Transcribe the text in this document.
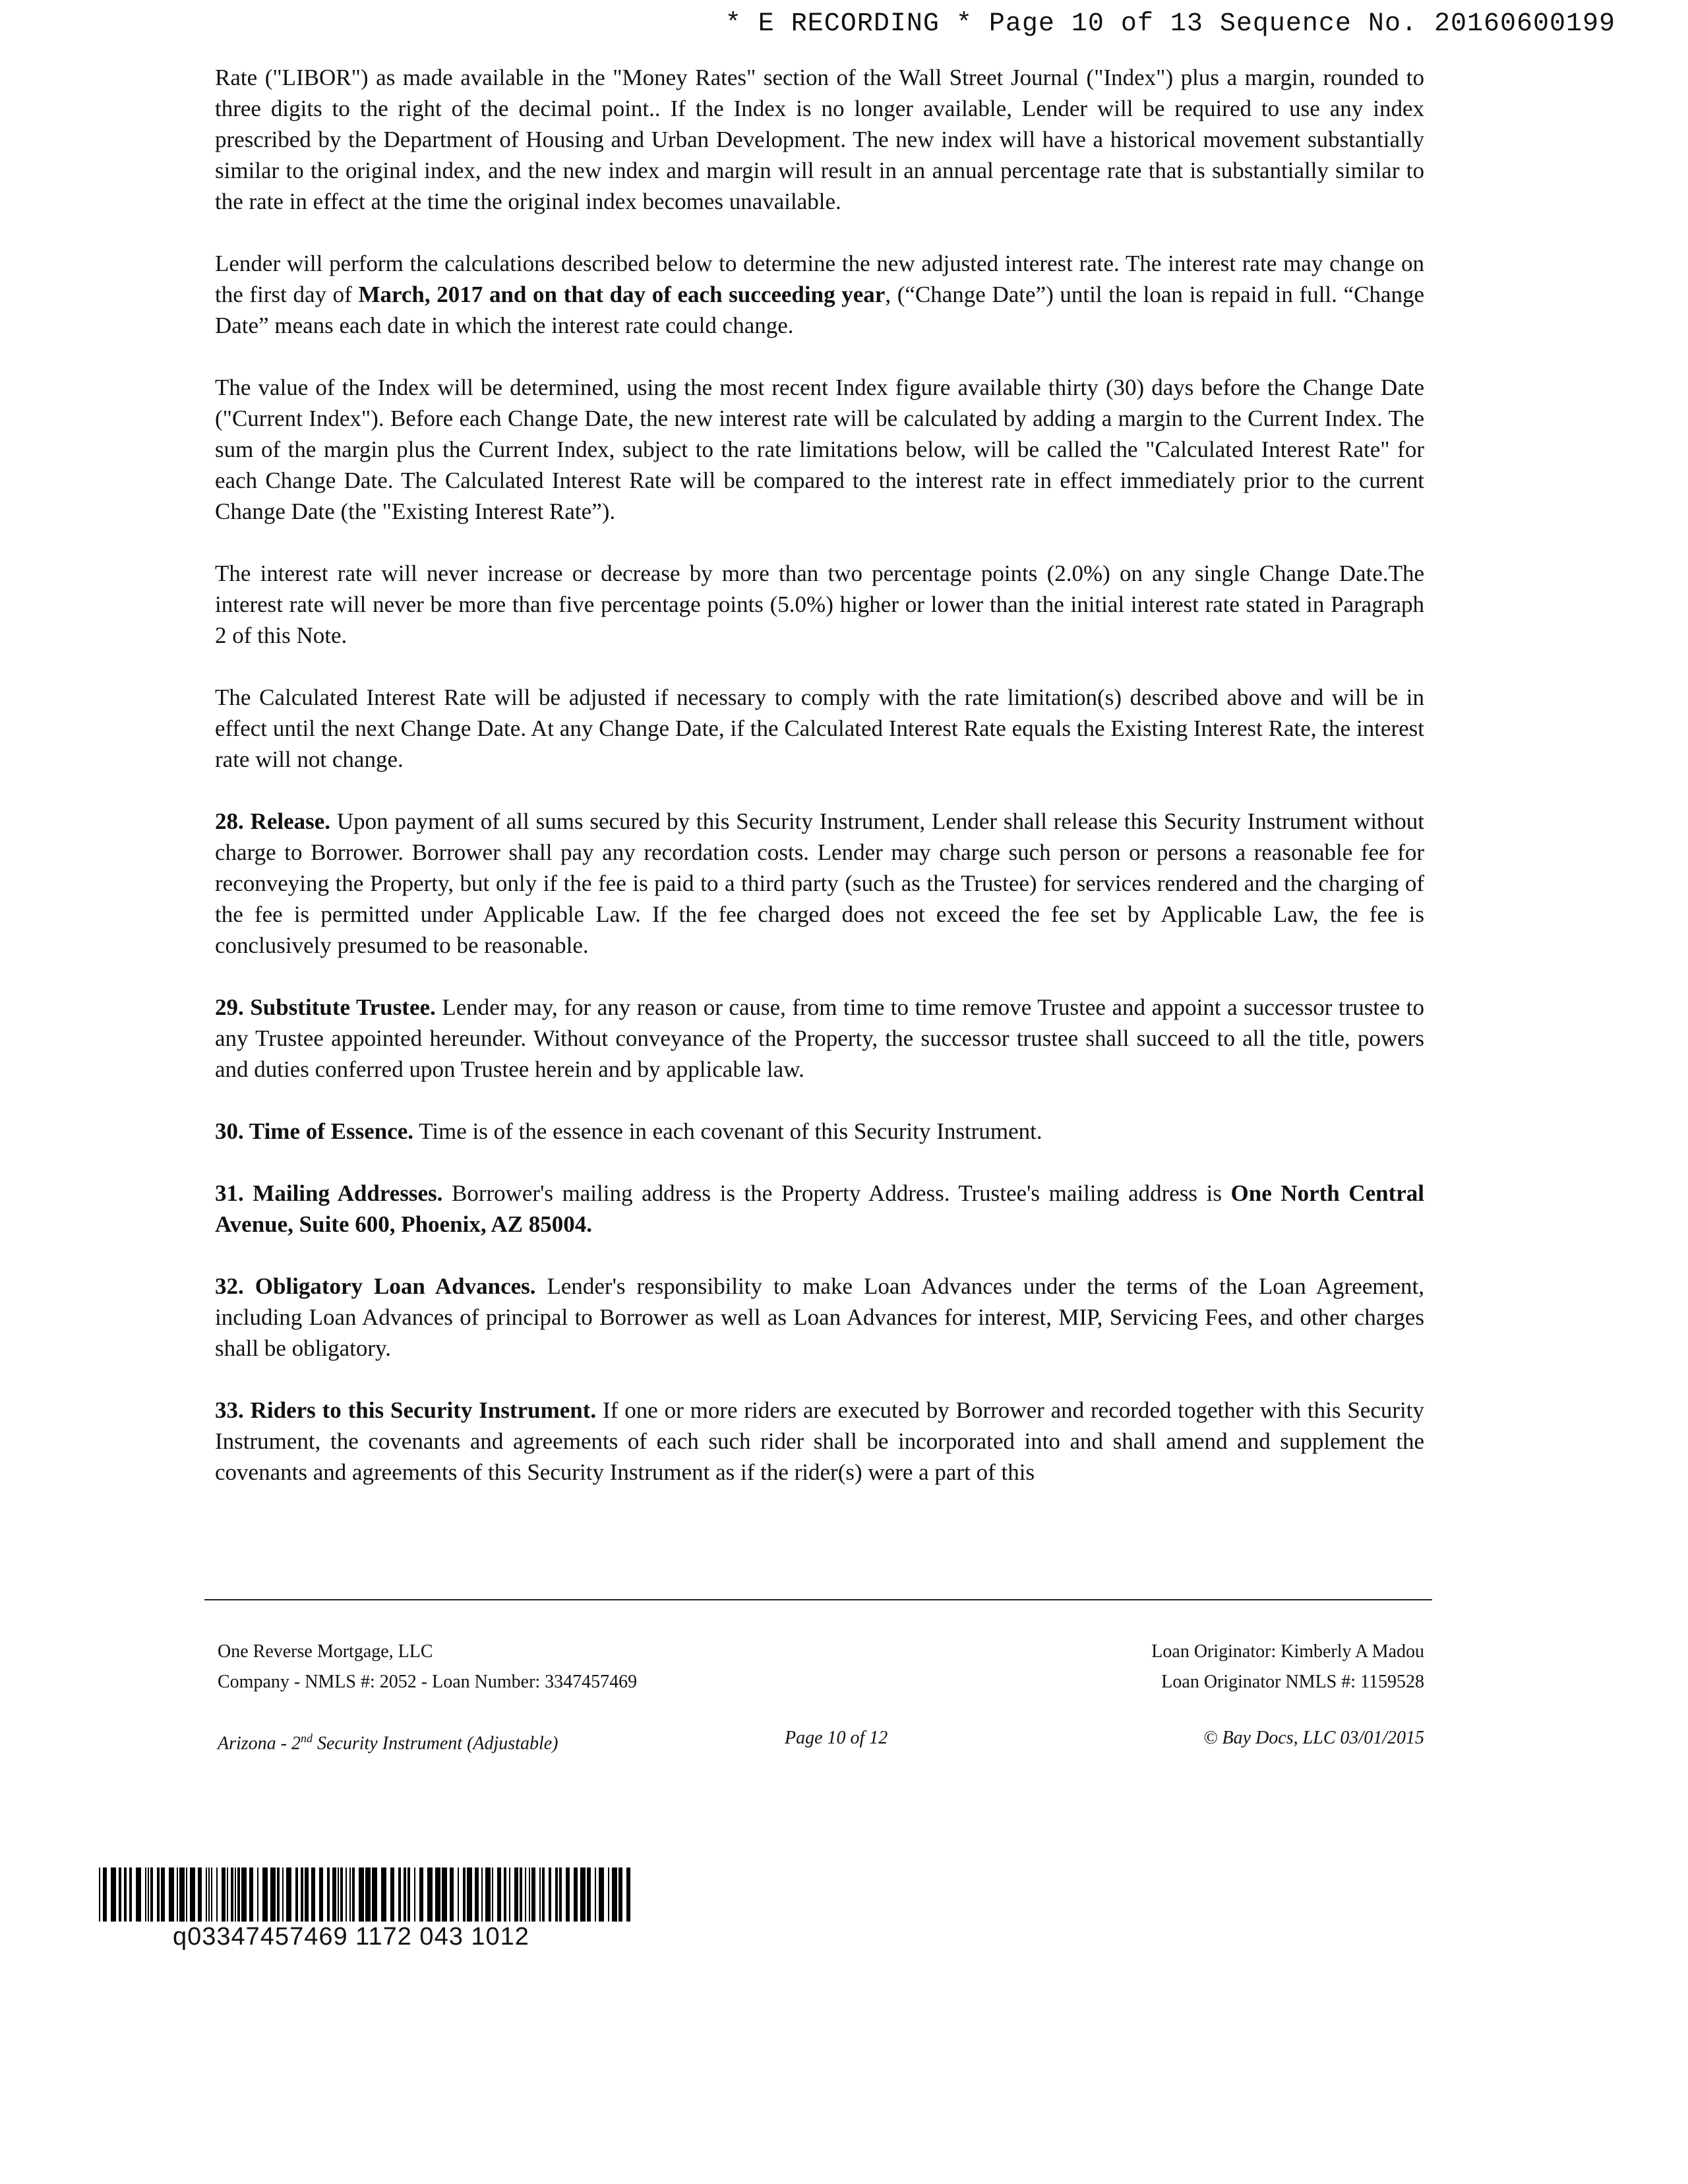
* E RECORDING * Page 10 of 13 Sequence No. 20160600199

Rate ("LIBOR") as made available in the "Money Rates" section of the Wall Street Journal ("Index") plus a margin, rounded to three digits to the right of the decimal point.. If the Index is no longer available, Lender will be required to use any index prescribed by the Department of Housing and Urban Development. The new index will have a historical movement substantially similar to the original index, and the new index and margin will result in an annual percentage rate that is substantially similar to the rate in effect at the time the original index becomes unavailable.

Lender will perform the calculations described below to determine the new adjusted interest rate. The interest rate may change on the first day of March, 2017 and on that day of each succeeding year, (“Change Date”) until the loan is repaid in full. “Change Date” means each date in which the interest rate could change.

The value of the Index will be determined, using the most recent Index figure available thirty (30) days before the Change Date ("Current Index"). Before each Change Date, the new interest rate will be calculated by adding a margin to the Current Index. The sum of the margin plus the Current Index, subject to the rate limitations below, will be called the "Calculated Interest Rate" for each Change Date. The Calculated Interest Rate will be compared to the interest rate in effect immediately prior to the current Change Date (the "Existing Interest Rate”).

The interest rate will never increase or decrease by more than two percentage points (2.0%) on any single Change Date.The interest rate will never be more than five percentage points (5.0%) higher or lower than the initial interest rate stated in Paragraph 2 of this Note.

The Calculated Interest Rate will be adjusted if necessary to comply with the rate limitation(s) described above and will be in effect until the next Change Date. At any Change Date, if the Calculated Interest Rate equals the Existing Interest Rate, the interest rate will not change.

28. Release. Upon payment of all sums secured by this Security Instrument, Lender shall release this Security Instrument without charge to Borrower. Borrower shall pay any recordation costs. Lender may charge such person or persons a reasonable fee for reconveying the Property, but only if the fee is paid to a third party (such as the Trustee) for services rendered and the charging of the fee is permitted under Applicable Law. If the fee charged does not exceed the fee set by Applicable Law, the fee is conclusively presumed to be reasonable.

29. Substitute Trustee. Lender may, for any reason or cause, from time to time remove Trustee and appoint a successor trustee to any Trustee appointed hereunder. Without conveyance of the Property, the successor trustee shall succeed to all the title, powers and duties conferred upon Trustee herein and by applicable law.

30. Time of Essence. Time is of the essence in each covenant of this Security Instrument.

31. Mailing Addresses. Borrower's mailing address is the Property Address. Trustee's mailing address is One North Central Avenue, Suite 600, Phoenix, AZ 85004.

32. Obligatory Loan Advances. Lender's responsibility to make Loan Advances under the terms of the Loan Agreement, including Loan Advances of principal to Borrower as well as Loan Advances for interest, MIP, Servicing Fees, and other charges shall be obligatory.

33. Riders to this Security Instrument. If one or more riders are executed by Borrower and recorded together with this Security Instrument, the covenants and agreements of each such rider shall be incorporated into and shall amend and supplement the covenants and agreements of this Security Instrument as if the rider(s) were a part of this

One Reverse Mortgage, LLC
Company - NMLS #: 2052 - Loan Number: 3347457469
Loan Originator: Kimberly A Madou
Loan Originator NMLS #: 1159528
Arizona - 2nd Security Instrument (Adjustable)	Page 10 of 12	© Bay Docs, LLC 03/01/2015
q03347457469 1172 043 1012
